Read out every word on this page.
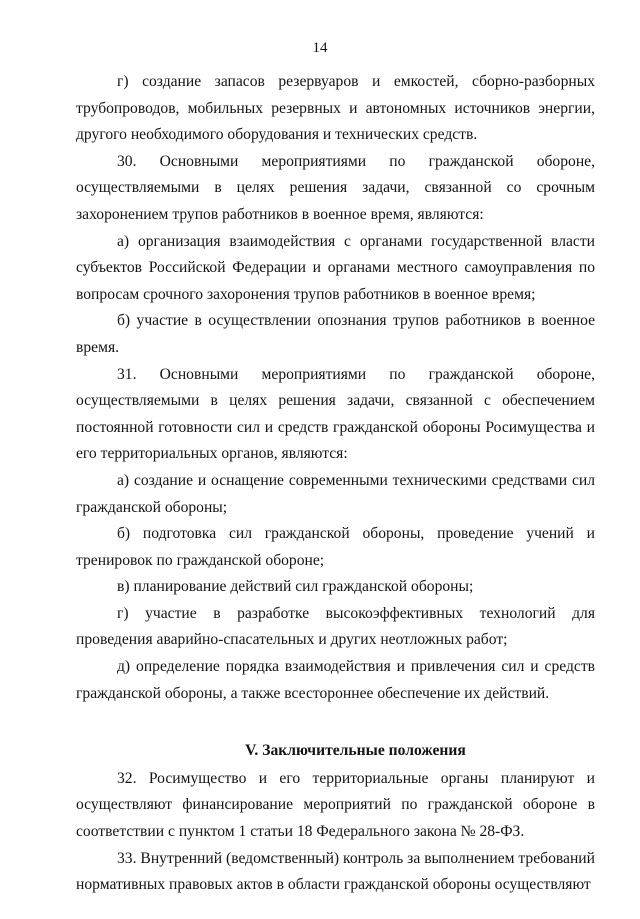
14

г) создание запасов резервуаров и емкостей, сборно-разборных трубопроводов, мобильных резервных и автономных источников энергии, другого необходимого оборудования и технических средств.

30. Основными мероприятиями по гражданской обороне, осуществляемыми в целях решения задачи, связанной со срочным захоронением трупов работников в военное время, являются:

а) организация взаимодействия с органами государственной власти субъектов Российской Федерации и органами местного самоуправления по вопросам срочного захоронения трупов работников в военное время;

б) участие в осуществлении опознания трупов работников в военное время.

31. Основными мероприятиями по гражданской обороне, осуществляемыми в целях решения задачи, связанной с обеспечением постоянной готовности сил и средств гражданской обороны Росимущества и его территориальных органов, являются:

а) создание и оснащение современными техническими средствами сил гражданской обороны;

б) подготовка сил гражданской обороны, проведение учений и тренировок по гражданской обороне;

в) планирование действий сил гражданской обороны;

г) участие в разработке высокоэффективных технологий для проведения аварийно-спасательных и других неотложных работ;

д) определение порядка взаимодействия и привлечения сил и средств гражданской обороны, а также всестороннее обеспечение их действий.

V. Заключительные положения

32. Росимущество и его территориальные органы планируют и осуществляют финансирование мероприятий по гражданской обороне в соответствии с пунктом 1 статьи 18 Федерального закона № 28-ФЗ.

33. Внутренний (ведомственный) контроль за выполнением требований нормативных правовых актов в области гражданской обороны осуществляют
